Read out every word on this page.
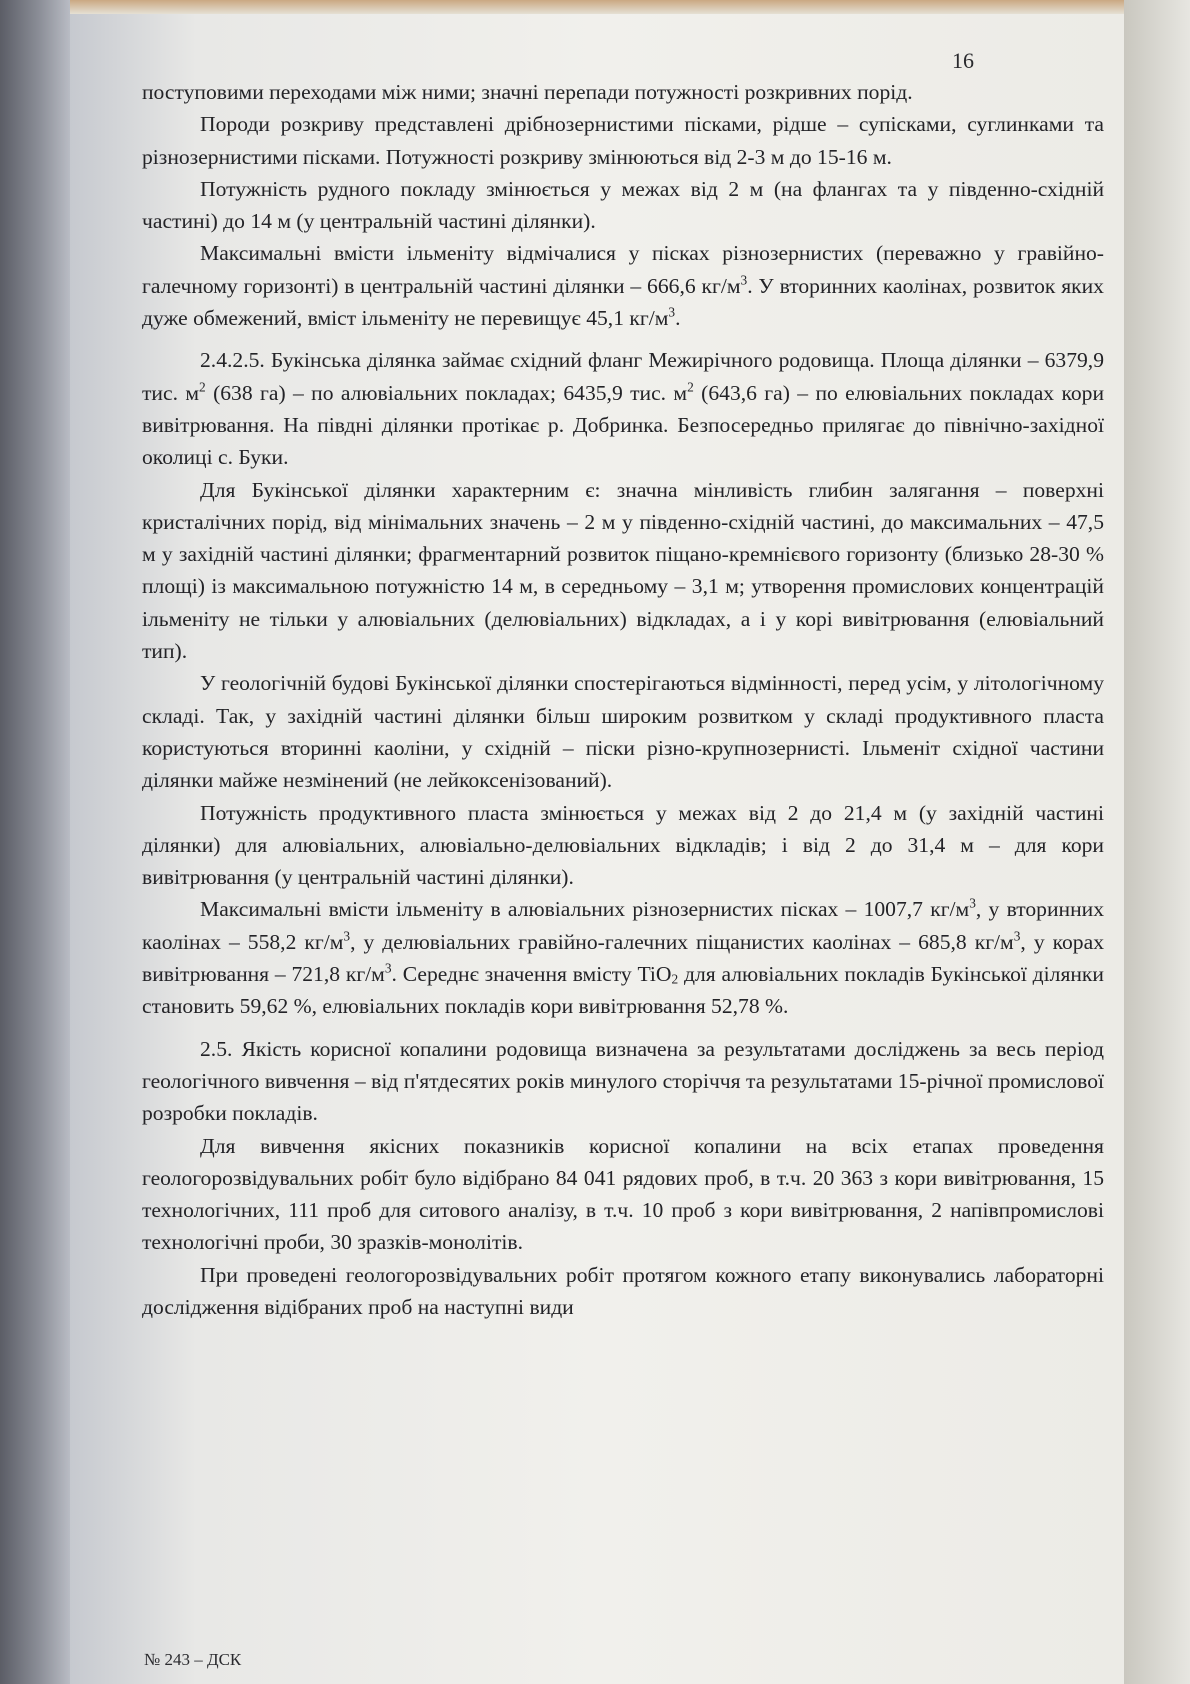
16

поступовими переходами між ними; значні перепади потужності розкривних порід.

Породи розкриву представлені дрібнозернистими пісками, рідше – супісками, суглинками та різнозернистими пісками. Потужності розкриву змінюються від 2-3 м до 15-16 м.

Потужність рудного покладу змінюється у межах від 2 м (на флангах та у південно-східній частині) до 14 м (у центральній частині ділянки).

Максимальні вмісти ільменіту відмічалися у пісках різнозернистих (переважно у гравійно-галечному горизонті) в центральній частині ділянки – 666,6 $кг/м^3$. У вторинних каолінах, розвиток яких дуже обмежений, вміст ільменіту не перевищує 45,1 $кг/м^3$.

2.4.2.5. Букінська ділянка займає східний фланг Межирічного родовища. Площа ділянки – 6379,9 тис. $м^2$ (638 га) – по алювіальних покладах; 6435,9 тис. $м^2$ (643,6 га) – по елювіальних покладах кори вивітрювання. На півдні ділянки протікає р. Добринка. Безпосередньо прилягає до північно-західної околиці с. Буки.

Для Букінської ділянки характерним є: значна мінливість глибин залягання – поверхні кристалічних порід, від мінімальних значень – 2 м у південно-східній частині, до максимальних – 47,5 м у західній частині ділянки; фрагментарний розвиток піщано-кремнієвого горизонту (близько 28-30 % площі) із максимальною потужністю 14 м, в середньому – 3,1 м; утворення промислових концентрацій ільменіту не тільки у алювіальних (делювіальних) відкладах, а і у корі вивітрювання (елювіальний тип).

У геологічній будові Букінської ділянки спостерігаються відмінності, перед усім, у літологічному складі. Так, у західній частині ділянки більш широким розвитком у складі продуктивного пласта користуються вторинні каоліни, у східній – піски різно-крупнозернисті. Ільменіт східної частини ділянки майже незмінений (не лейкоксенізований).

Потужність продуктивного пласта змінюється у межах від 2 до 21,4 м (у західній частині ділянки) для алювіальних, алювіально-делювіальних відкладів; і від 2 до 31,4 м – для кори вивітрювання (у центральній частині ділянки).

Максимальні вмісти ільменіту в алювіальних різнозернистих пісках – 1007,7 $кг/м^3$, у вторинних каолінах – 558,2 $кг/м^3$, у делювіальних гравійно-галечних піщанистих каолінах – 685,8 $кг/м^3$, у корах вивітрювання – 721,8 $кг/м^3$. Середнє значення вмісту TiO$_2$ для алювіальних покладів Букінської ділянки становить 59,62 %, елювіальних покладів кори вивітрювання 52,78 %.

2.5. Якість корисної копалини родовища визначена за результатами досліджень за весь період геологічного вивчення – від п'ятдесятих років минулого сторіччя та результатами 15-річної промислової розробки покладів.

Для вивчення якісних показників корисної копалини на всіх етапах проведення геологорозвідувальних робіт було відібрано 84 041 рядових проб, в т.ч. 20 363 з кори вивітрювання, 15 технологічних, 111 проб для ситового аналізу, в т.ч. 10 проб з кори вивітрювання, 2 напівпромислові технологічні проби, 30 зразків-монолітів.

При проведені геологорозвідувальних робіт протягом кожного етапу виконувались лабораторні дослідження відібраних проб на наступні види

№ 243 – ДСК
